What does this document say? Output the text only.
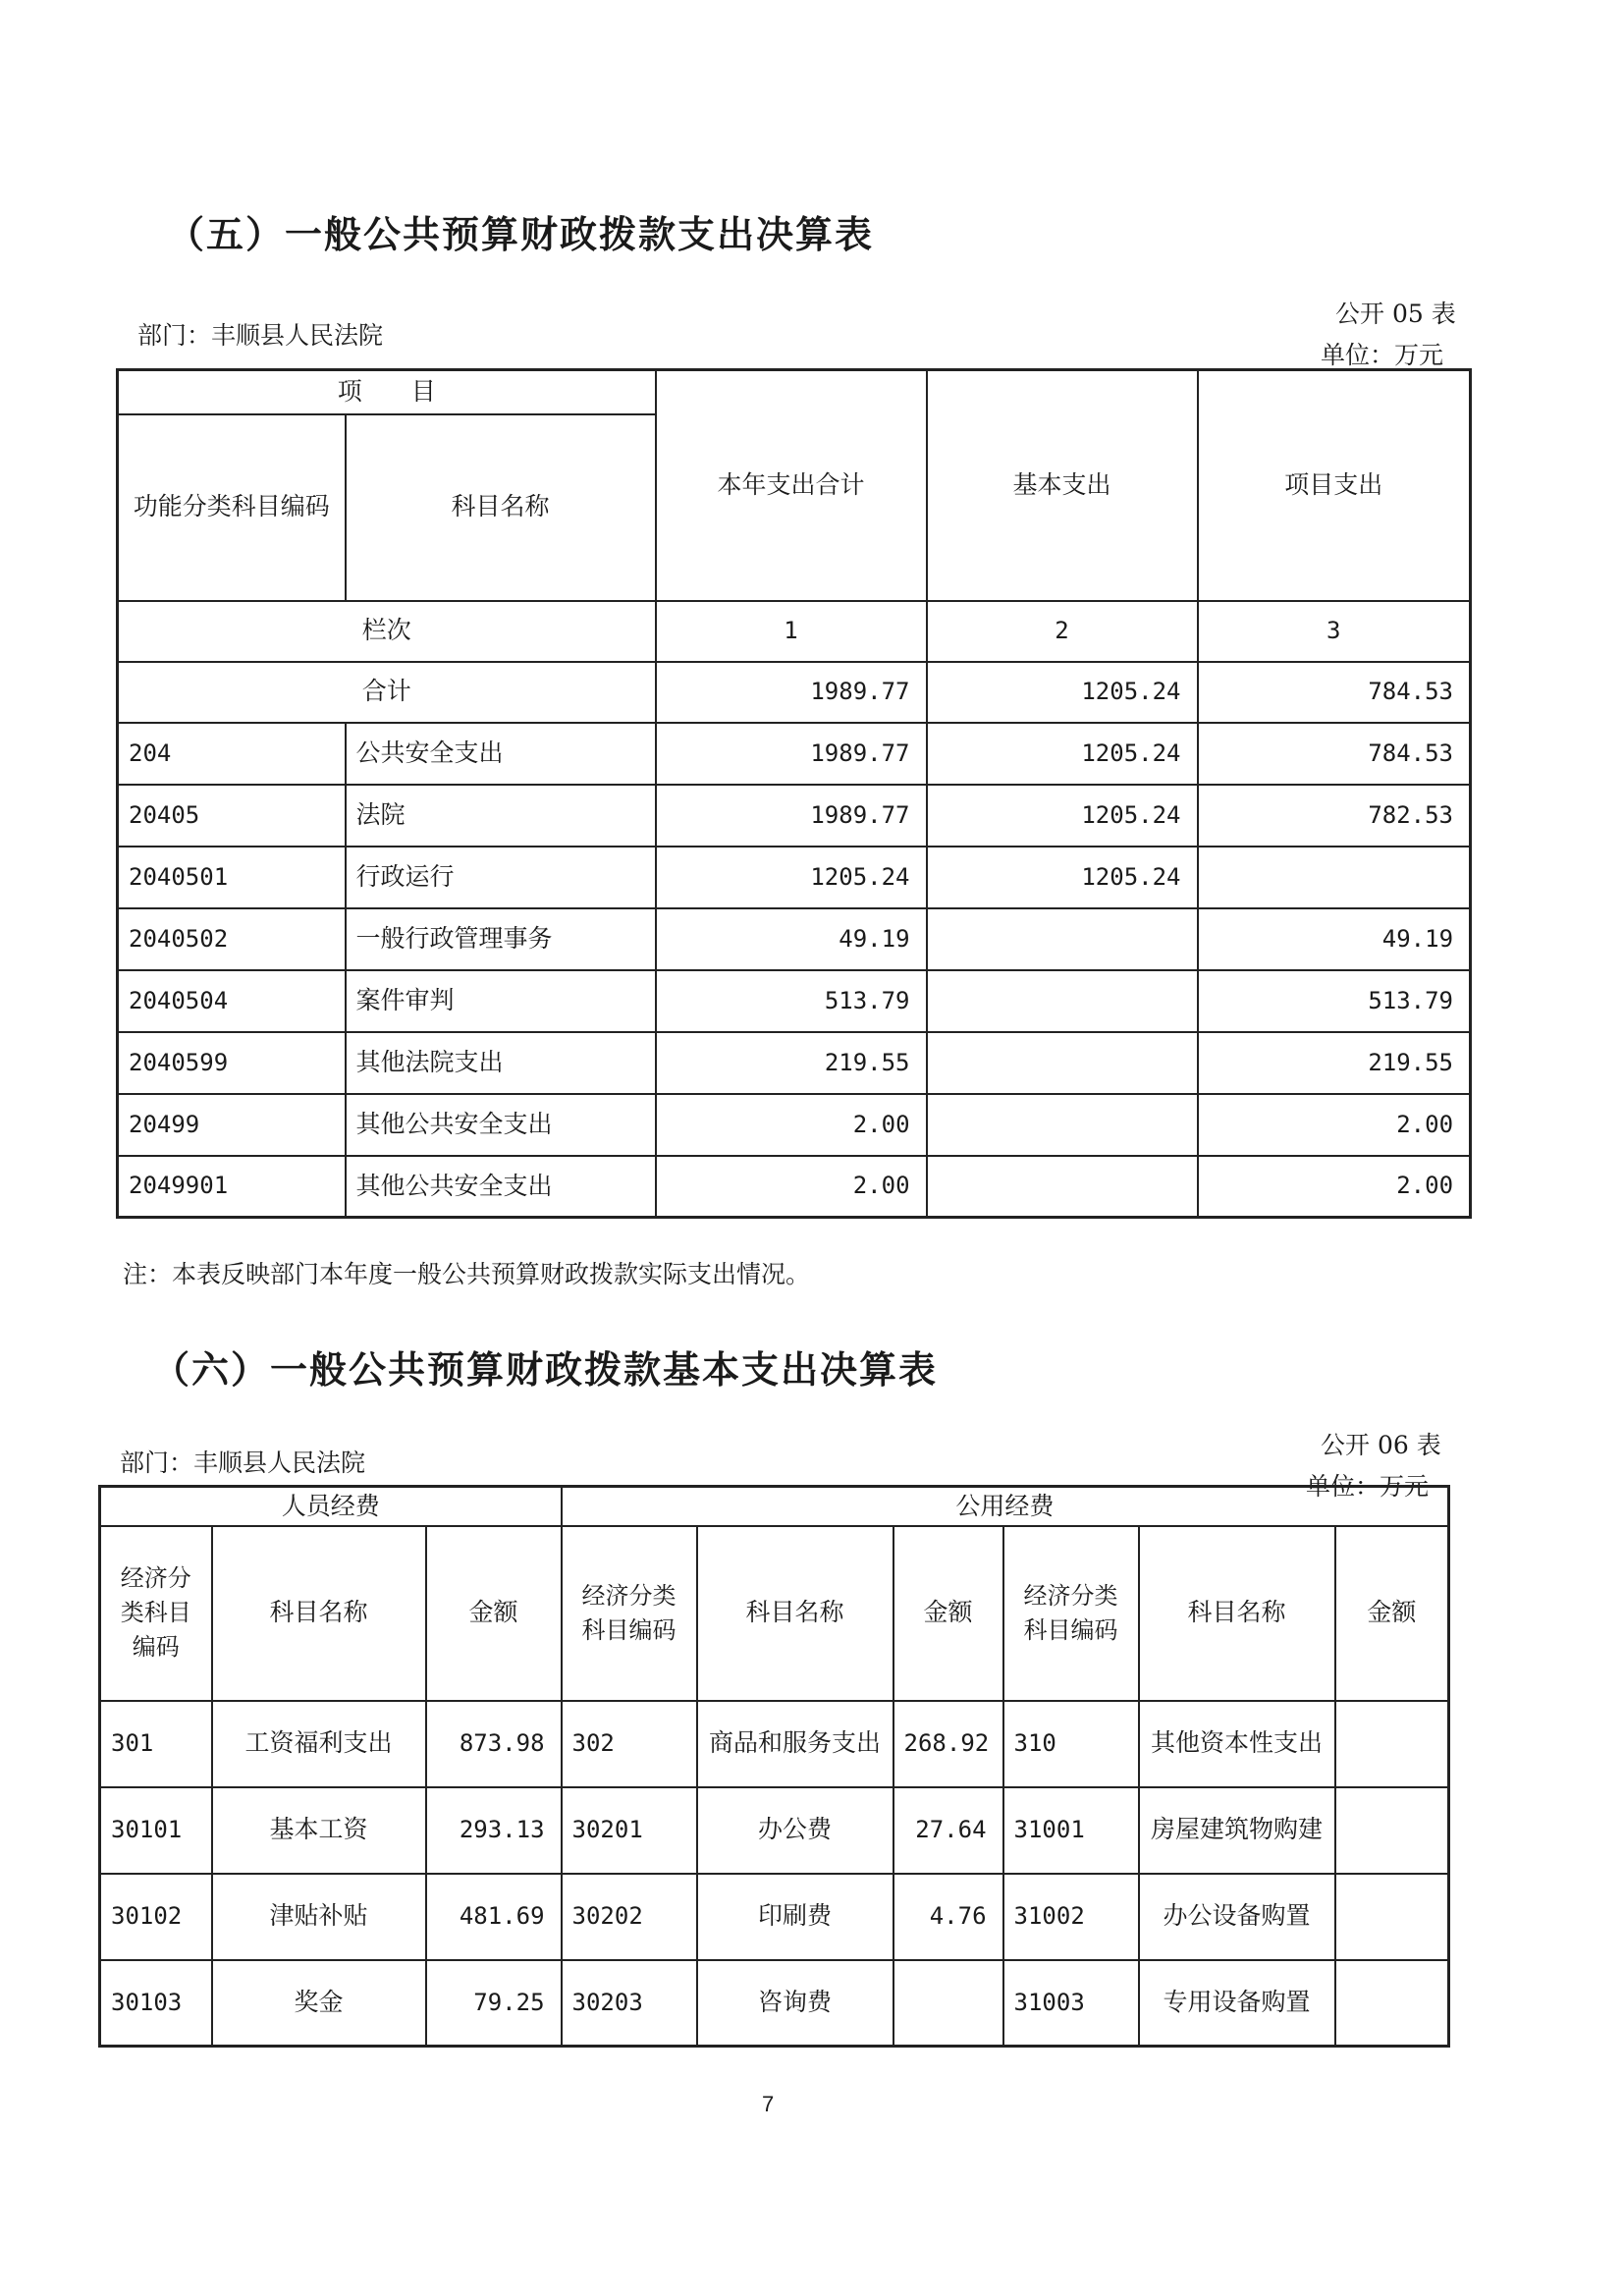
（五）一般公共预算财政拨款支出决算表
部门：丰顺县人民法院
公开 05 表
单位：万元
项　　目		本年支出合计	基本支出	项目支出
功能分类科目编码	科目名称			
栏次		1	2	3
合计		1989.77	1205.24	784.53
204	公共安全支出	1989.77	1205.24	784.53
20405	法院	1989.77	1205.24	782.53
2040501	行政运行	1205.24	1205.24	
2040502	一般行政管理事务	49.19		49.19
2040504	案件审判	513.79		513.79
2040599	其他法院支出	219.55		219.55
20499	其他公共安全支出	2.00		2.00
2049901	其他公共安全支出	2.00		2.00
注：本表反映部门本年度一般公共预算财政拨款实际支出情况。
（六）一般公共预算财政拨款基本支出决算表
部门：丰顺县人民法院
公开 06 表
单位：万元
人员经费			公用经费					
经济分类科目编码	科目名称	金额	经济分类科目编码	科目名称	金额	经济分类科目编码	科目名称	金额
301	工资福利支出	873.98	302	商品和服务支出	268.92	310	其他资本性支出	
30101	基本工资	293.13	30201	办公费	27.64	31001	房屋建筑物购建	
30102	津贴补贴	481.69	30202	印刷费	4.76	31002	办公设备购置	
30103	奖金	79.25	30203	咨询费		31003	专用设备购置	
7
